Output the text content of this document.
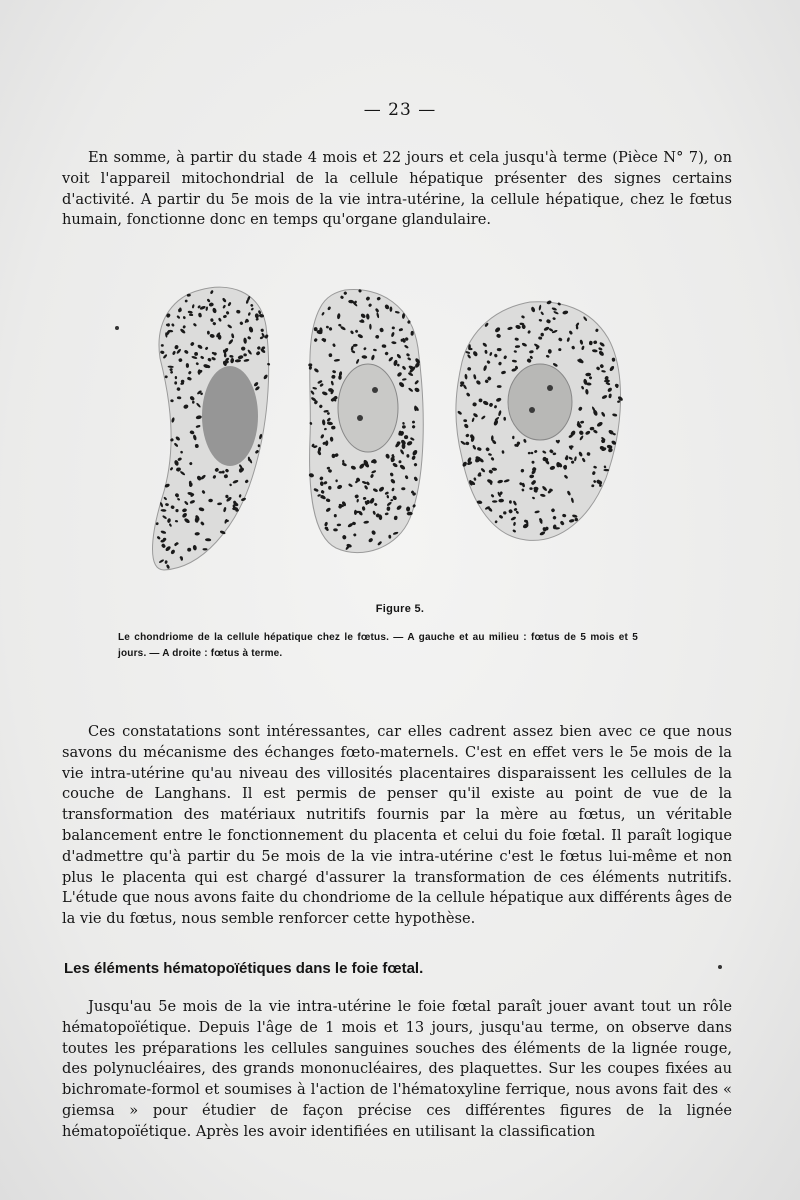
— 23 —

En somme, à partir du stade 4 mois et 22 jours et cela jusqu'à terme (Pièce N° 7), on voit l'appareil mitochondrial de la cellule hépatique présenter des signes certains d'activité. A partir du 5e mois de la vie intra-utérine, la cellule hépatique, chez le fœtus humain, fonctionne donc en temps qu'organe glandulaire.

Figure 5.
Le chondriome de la cellule hépatique chez le fœtus. — A gauche et au milieu : fœtus de 5 mois et 5 jours. — A droite : fœtus à terme.

Ces constatations sont intéressantes, car elles cadrent assez bien avec ce que nous savons du mécanisme des échanges fœto-maternels. C'est en effet vers le 5e mois de la vie intra-utérine qu'au niveau des villosités placentaires disparaissent les cellules de la couche de Langhans. Il est permis de penser qu'il existe au point de vue de la transformation des matériaux nutritifs fournis par la mère au fœtus, un véritable balancement entre le fonctionnement du placenta et celui du foie fœtal. Il paraît logique d'admettre qu'à partir du 5e mois de la vie intra-utérine c'est le fœtus lui-même et non plus le placenta qui est chargé d'assurer la transformation de ces éléments nutritifs. L'étude que nous avons faite du chondriome de la cellule hépatique aux différents âges de la vie du fœtus, nous semble renforcer cette hypothèse.

Les éléments hématopoïétiques dans le foie fœtal.

Jusqu'au 5e mois de la vie intra-utérine le foie fœtal paraît jouer avant tout un rôle hématopoïétique. Depuis l'âge de 1 mois et 13 jours, jusqu'au terme, on observe dans toutes les préparations les cellules sanguines souches des éléments de la lignée rouge, des polynucléaires, des grands mononucléaires, des plaquettes. Sur les coupes fixées au bichromate-formol et soumises à l'action de l'hématoxyline ferrique, nous avons fait des « giemsa » pour étudier de façon précise ces différentes figures de la lignée hématopoïétique. Après les avoir identifiées en utilisant la classification
